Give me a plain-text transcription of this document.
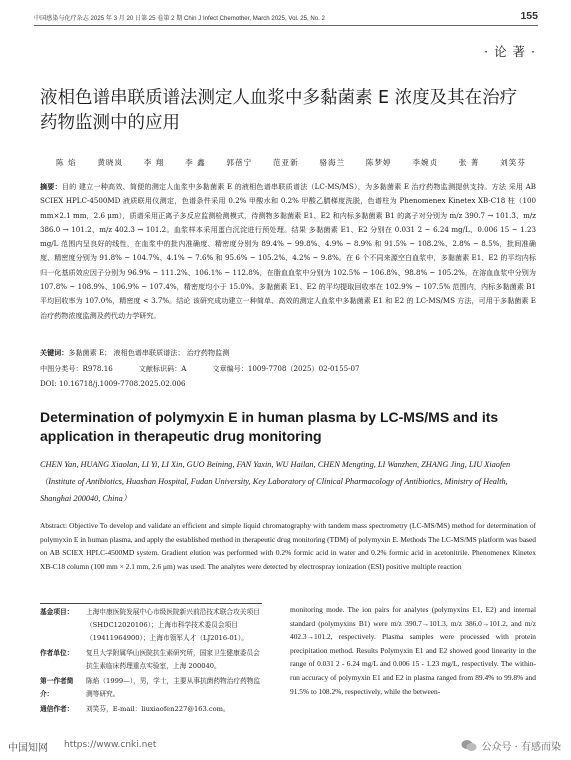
中国感染与化疗杂志 2025 年 3 月 20 日第 25 卷第 2 期 Chin J Infect Chemother, March 2025, Vol. 25, No. 2	155
· 论 著 ·
液相色谱串联质谱法测定人血浆中多黏菌素 E 浓度及其在治疗药物监测中的应用
陈 焰	黄晓岚	李 翔	李 鑫	郭蓓宁	范亚新	骆海兰	陈梦婷	李婉贞	张 菁	刘笑芬
摘要：目的 建立一种高效、简便的测定人血浆中多黏菌素 E 的液相色谱串联质谱法（LC-MS/MS），为多黏菌素 E 治疗药物监测提供支持。方法 采用 AB SCIEX HPLC-4500MD 液质联用仪测定，色谱条件采用 0.2% 甲酸水和 0.2% 甲酸乙腈梯度洗脱，色谱柱为 Phenomenex Kinetex XB-C18 柱（100 mm×2.1 mm，2.6 μm），质谱采用正离子多反应监测检测模式，待测物多黏菌素 E1、E2 和内标多黏菌素 B1 的离子对分别为 m/z 390.7 → 101.3、m/z 386.0 → 101.2、m/z 402.3 → 101.2。血浆样本采用蛋白沉淀进行预处理。结果 多黏菌素 E1、E2 分别在 0.031 2 ~ 6.24 mg/L、0.006 15 ~ 1.23 mg/L 范围内呈良好的线性，在血浆中的批内准确度、精密度分别为 89.4% ~ 99.8%、4.9% ~ 8.9% 和 91.5% ~ 108.2%、2.8% ~ 8.5%，批间准确度、精密度分别为 91.8% ~ 104.7%、4.1% ~ 7.6% 和 95.6% ~ 105.2%、4.2% ~ 9.8%。在 6 个不同来源空白血浆中，多黏菌素 E1、E2 的平均内标归一化基质效应因子分别为 96.9% ~ 111.2%、106.1% ~ 112.8%，在脂血血浆中分别为 102.5% ~ 106.8%、98.8% ~ 105.2%，在溶血血浆中分别为 107.8% ~ 108.9%、106.9% ~ 107.4%，精密度均小于 15.0%。多黏菌素 E1、E2 的平均提取回收率在 102.9% ~ 107.5% 范围内，内标多黏菌素 B1 平均回收率为 107.0%，精密度 < 3.7%。结论 该研究成功建立一种简单、高效的测定人血浆中多黏菌素 E1 和 E2 的 LC-MS/MS 方法，可用于多黏菌素 E 治疗药物浓度监测及药代动力学研究。
关键词：多黏菌素 E； 液相色谱串联质谱法； 治疗药物监测
中图分类号：R978.16	文献标识码：A	文章编号：1009-7708（2025）02-0155-07
DOI: 10.16718/j.1009-7708.2025.02.006
Determination of polymyxin E in human plasma by LC-MS/MS and its application in therapeutic drug monitoring
CHEN Yan, HUANG Xiaolan, LI Yi, LI Xin, GUO Beining, FAN Yaxin, WU Hailan, CHEN Mengting, LI Wanzhen, ZHANG Jing, LIU Xiaofen（Institute of Antibiotics, Huashan Hospital, Fudan University, Key Laboratory of Clinical Pharmacology of Antibiotics, Ministry of Health, Shanghai 200040, China）
Abstract: Objective To develop and validate an efficient and simple liquid chromatography with tandem mass spectrometry (LC-MS/MS) method for determination of polymyxin E in human plasma, and apply the established method in therapeutic drug monitoring (TDM) of polymyxin E. Methods The LC-MS/MS platform was based on AB SCIEX HPLC-4500MD system. Gradient elution was performed with 0.2% formic acid in water and 0.2% formic acid in acetonitrile. Phenomenex Kinetex XB-C18 column (100 mm × 2.1 mm, 2.6 μm) was used. The analytes were detected by electrospray ionization (ESI) positive multiple reaction
基金项目：	上海申康医院发展中心市级医院新兴前沿技术联合攻关项目（SHDC12020106）；上海市科学技术委员会项目（19411964900）；上海市领军人才（LJ2016-01）。
作者单位：	复旦大学附属华山医院抗生素研究所，国家卫生健康委员会抗生素临床药理重点实验室，上海 200040。
第一作者简介：
陈焰（1999—），男，学士，主要从事抗菌药物治疗药物监测等研究。
通信作者：	刘笑芬，E-mail：liuxiaofen227@163.com。
monitoring mode. The ion pairs for analytes (polymyxins E1, E2) and internal standard (polymyxins B1) were m/z 390.7→101.3, m/z 386.0→101.2, and m/z 402.3→101.2, respectively. Plasma samples were processed with protein precipitation method. Results Polymyxin E1 and E2 showed good linearity in the range of 0.031 2 - 6.24 mg/L and 0.006 15 - 1.23 mg/L, respectively. The within-run accuracy of polymyxin E1 and E2 in plasma ranged from 89.4% to 99.8% and 91.5% to 108.2%, respectively, while the between-
中国知网 https://www.cnki.net	公众号 · 有感而染
